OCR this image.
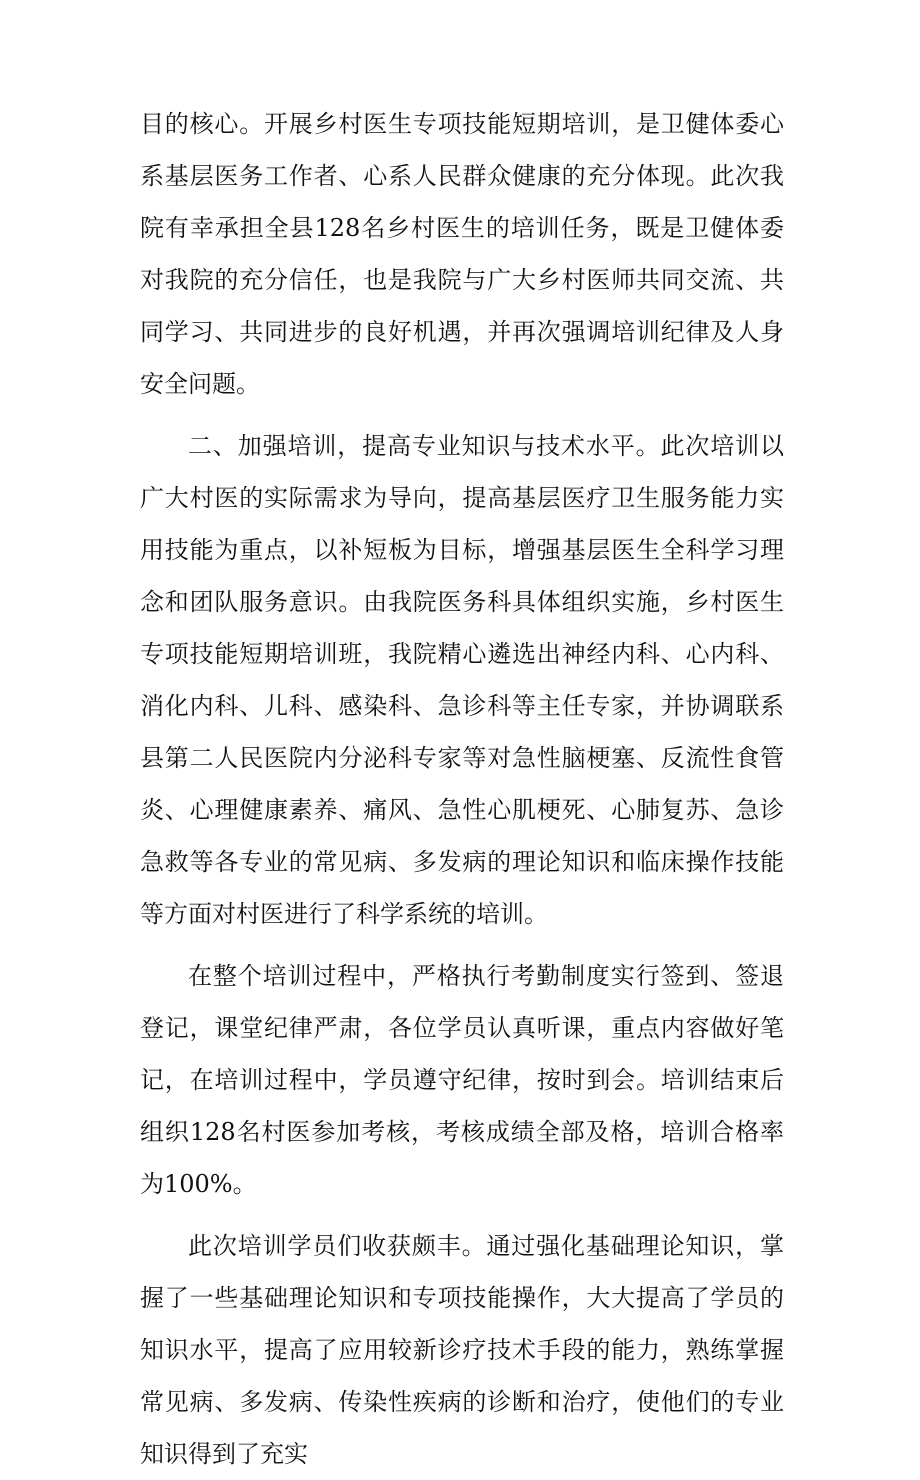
目的核心。开展乡村医生专项技能短期培训，是卫健体委心系基层医务工作者、心系人民群众健康的充分体现。此次我院有幸承担全县128名乡村医生的培训任务，既是卫健体委对我院的充分信任，也是我院与广大乡村医师共同交流、共同学习、共同进步的良好机遇，并再次强调培训纪律及人身安全问题。

二、加强培训，提高专业知识与技术水平。此次培训以广大村医的实际需求为导向，提高基层医疗卫生服务能力实用技能为重点，以补短板为目标，增强基层医生全科学习理念和团队服务意识。由我院医务科具体组织实施，乡村医生专项技能短期培训班，我院精心遴选出神经内科、心内科、消化内科、儿科、感染科、急诊科等主任专家，并协调联系县第二人民医院内分泌科专家等对急性脑梗塞、反流性食管炎、心理健康素养、痛风、急性心肌梗死、心肺复苏、急诊急救等各专业的常见病、多发病的理论知识和临床操作技能等方面对村医进行了科学系统的培训。

在整个培训过程中，严格执行考勤制度实行签到、签退登记，课堂纪律严肃，各位学员认真听课，重点内容做好笔记，在培训过程中，学员遵守纪律，按时到会。培训结束后组织128名村医参加考核，考核成绩全部及格，培训合格率为100%。

此次培训学员们收获颇丰。通过强化基础理论知识，掌握了一些基础理论知识和专项技能操作，大大提高了学员的知识水平，提高了应用较新诊疗技术手段的能力，熟练掌握常见病、多发病、传染性疾病的诊断和治疗，使他们的专业知识得到了充实
